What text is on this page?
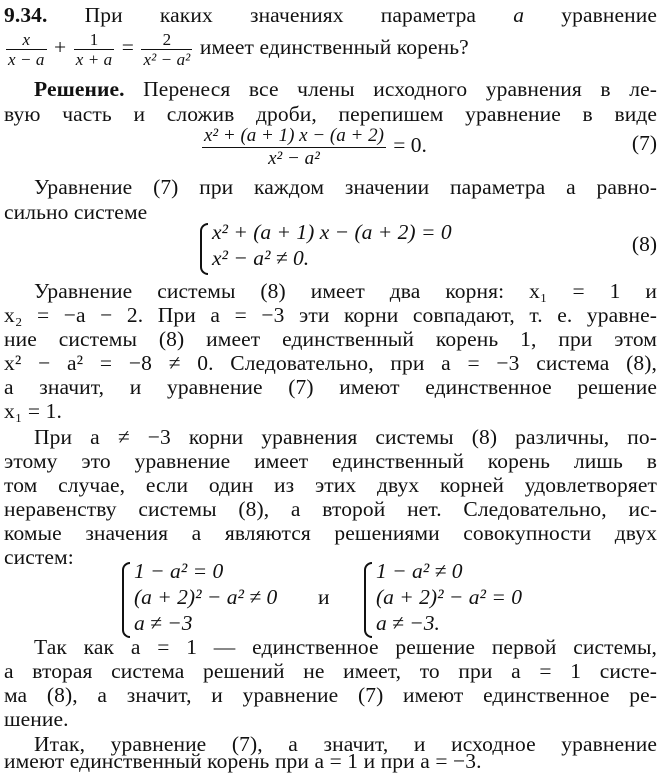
9.34. При каких значениях параметра a уравнение
$\frac{x}{x - a} + \frac{1}{x + a} = \frac{2}{\text{x² − a²}}$ имеет единственный корень?
Решение. Перенеся все члены исходного уравнения в ле-
вую часть и сложив дроби, перепишем уравнение в виде
$\frac{\text{x² + (a + 1) x − (a + 2)}}{\text{x² − a²}} = 0$.	(7)
Уравнение (7) при каждом значении параметра a равно-
сильно системе
x² + (a + 1) x − (a + 2) = 0
x² − a² ≠ 0.
(8)
Уравнение системы (8) имеет два корня: x₁ = 1 и
x₂ = −a − 2. При a = −3 эти корни совпадают, т. е. уравне-
ние системы (8) имеет единственный корень 1, при этом
x² − a² = −8 ≠ 0. Следовательно, при a = −3 система (8),
а значит, и уравнение (7) имеют единственное решение
x₁ = 1.
При a ≠ −3 корни уравнения системы (8) различны, по-
этому это уравнение имеет единственный корень лишь в
том случае, если один из этих двух корней удовлетворяет
неравенству системы (8), а второй нет. Следовательно, ис-
комые значения a являются решениями совокупности двух
систем:
1 − a² = 0
(a + 2)² − a² ≠ 0
a ≠ −3
и
1 − a² ≠ 0
(a + 2)² − a² = 0
a ≠ −3.
Так как a = 1 — единственное решение первой системы,
а вторая система решений не имеет, то при a = 1 систе-
ма (8), а значит, и уравнение (7) имеют единственное ре-
шение.
Итак, уравнение (7), а значит, и исходное уравнение
имеют единственный корень при a = 1 и при a = −3.
